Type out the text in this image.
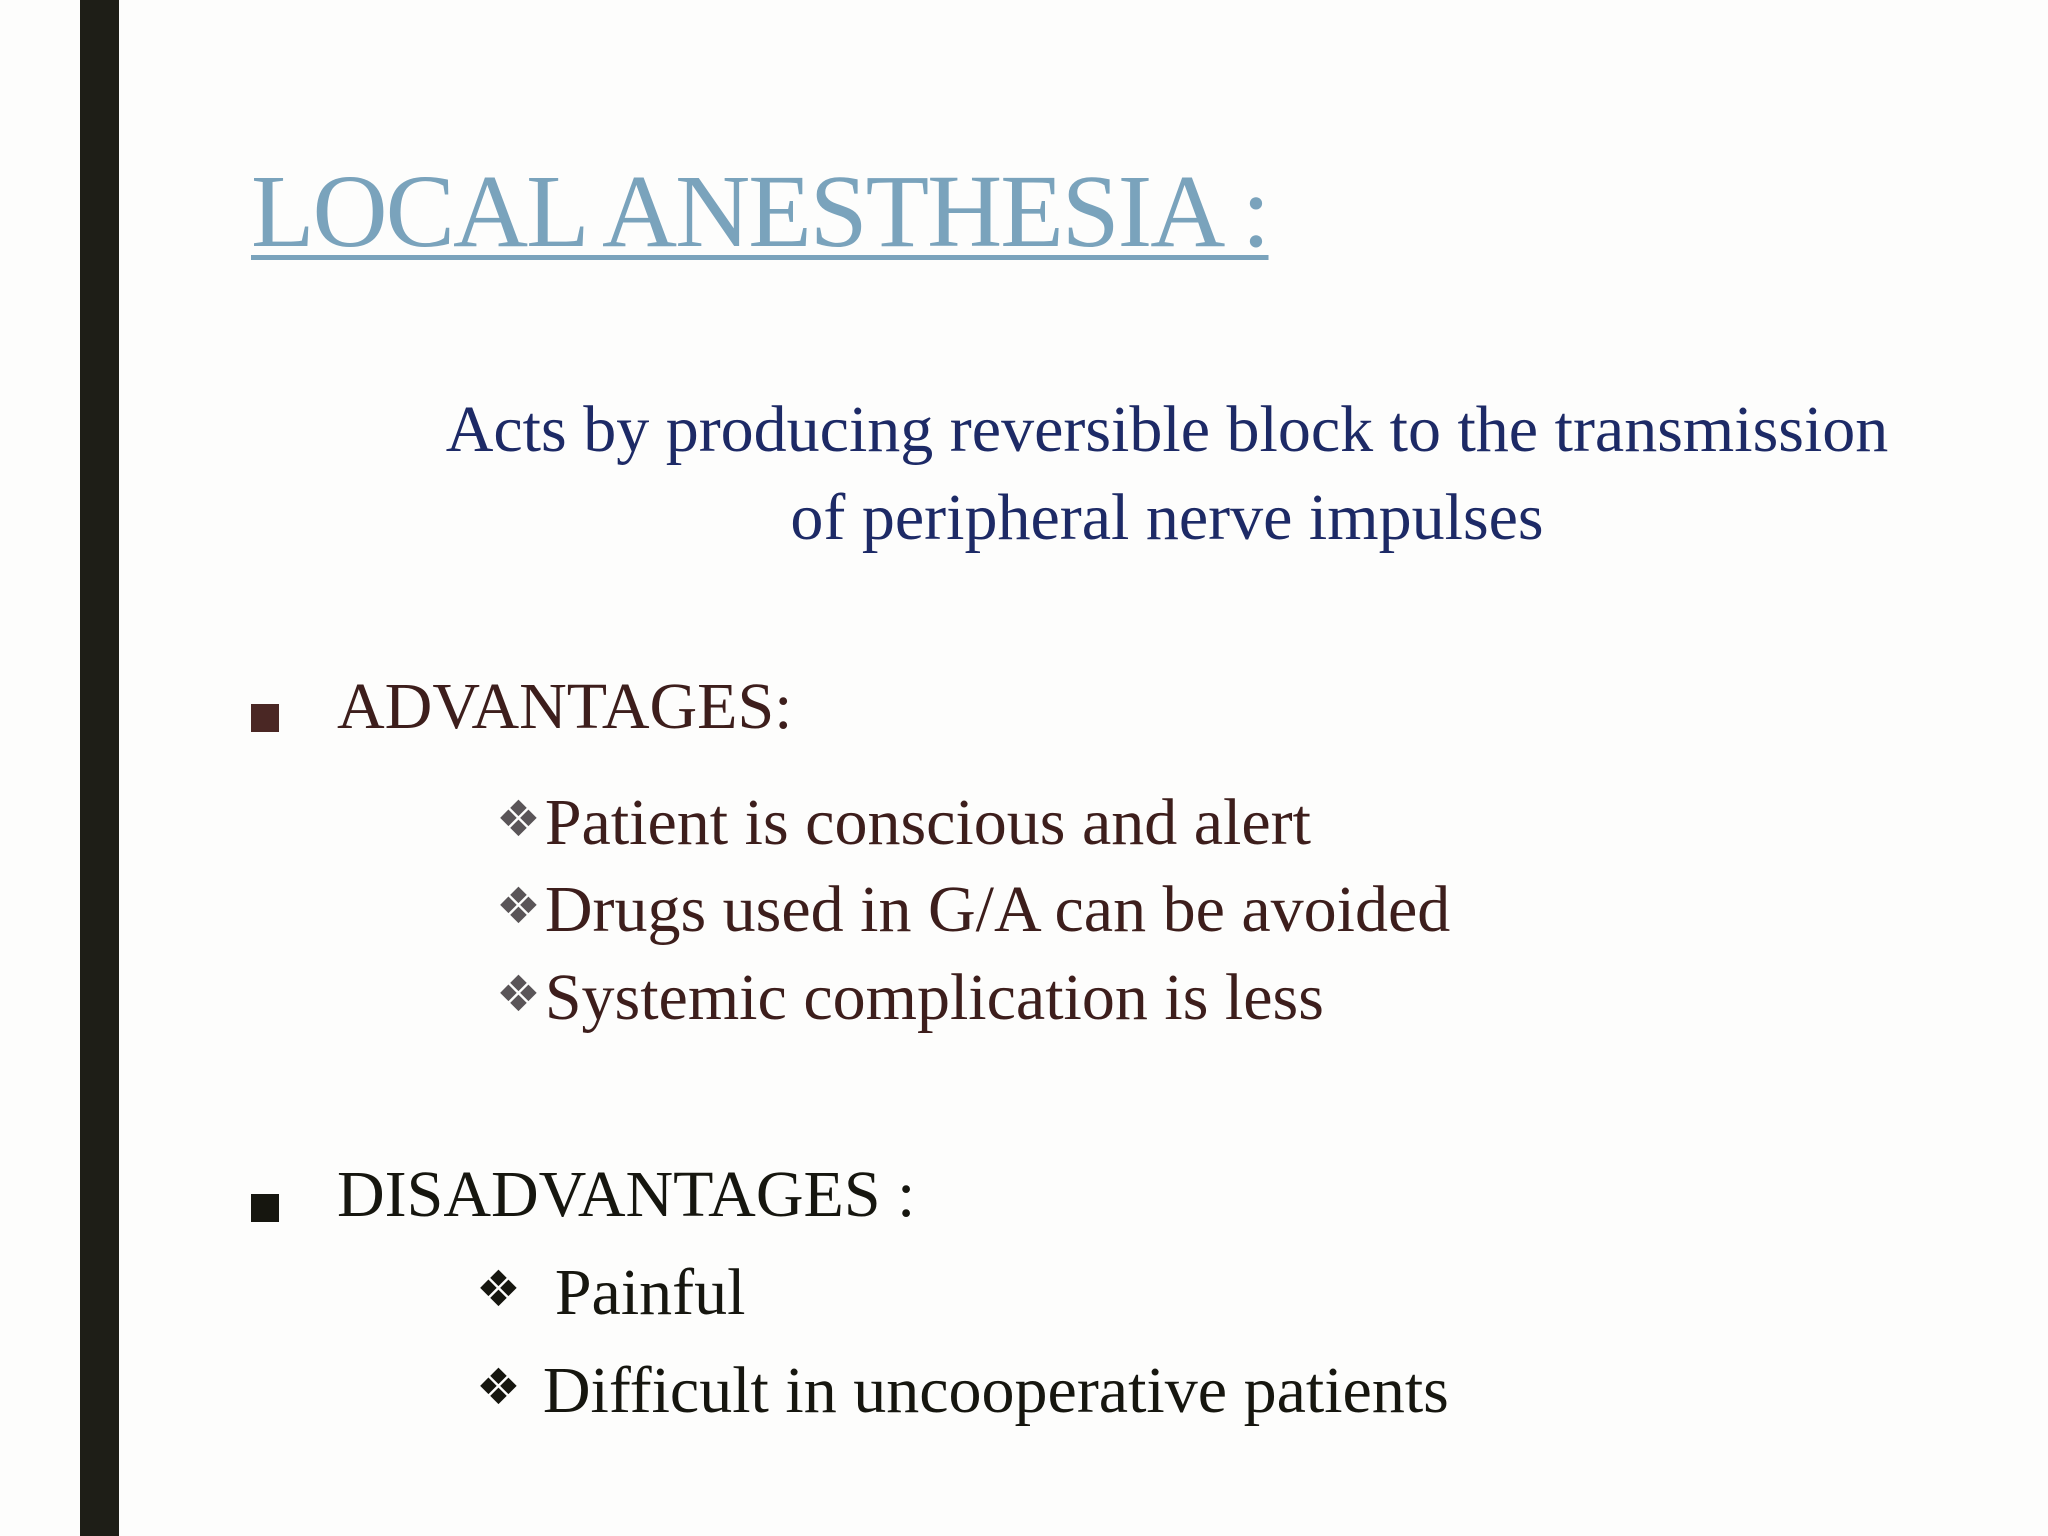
LOCAL ANESTHESIA :

Acts by producing reversible block to the transmission

of peripheral nerve impulses

ADVANTAGES:
❖Patient is conscious and alert
❖Drugs used in G/A can be avoided
❖Systemic complication is less
DISADVANTAGES :
❖ Painful
❖ Difficult in uncooperative patients
